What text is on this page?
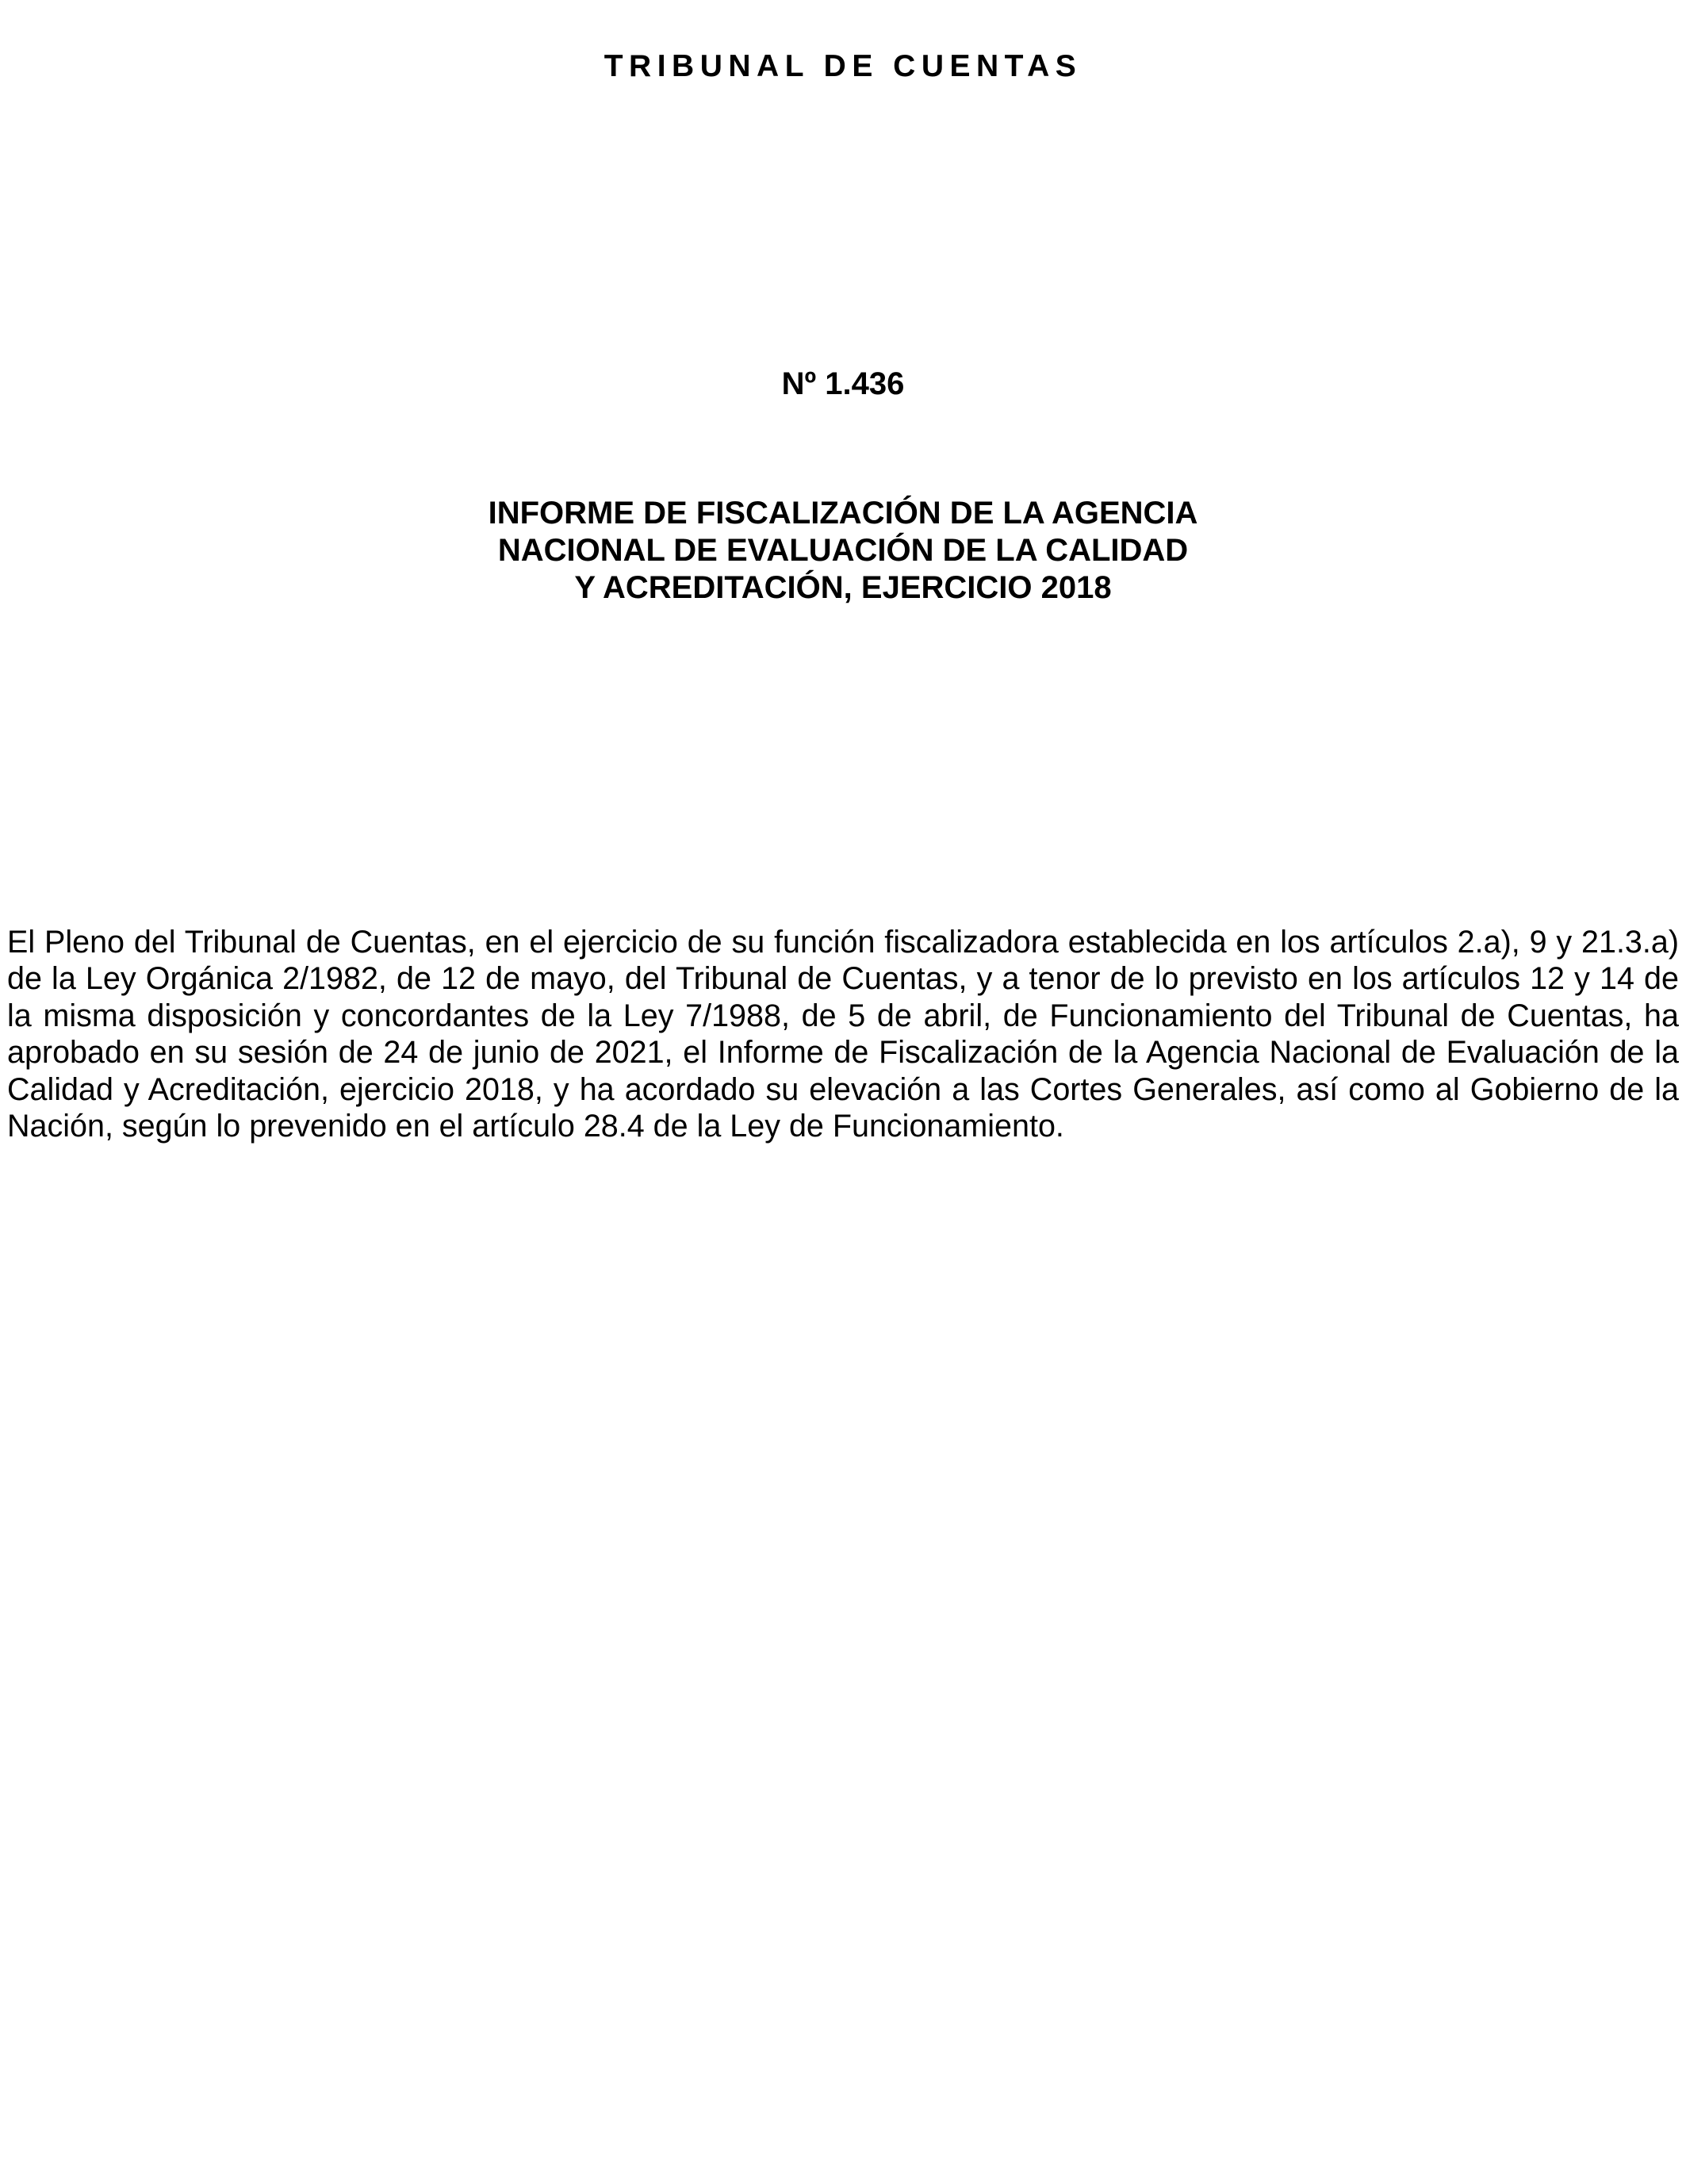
TRIBUNAL DE CUENTAS
Nº 1.436
INFORME DE FISCALIZACIÓN DE LA AGENCIA
NACIONAL DE EVALUACIÓN DE LA CALIDAD
Y ACREDITACIÓN, EJERCICIO 2018

El Pleno del Tribunal de Cuentas, en el ejercicio de su función fiscalizadora establecida en los artículos 2.a), 9 y 21.3.a) de la Ley Orgánica 2/1982, de 12 de mayo, del Tribunal de Cuentas, y a tenor de lo previsto en los artículos 12 y 14 de la misma disposición y concordantes de la Ley 7/1988, de 5 de abril, de Funcionamiento del Tribunal de Cuentas, ha aprobado en su sesión de 24 de junio de 2021, el Informe de Fiscalización de la Agencia Nacional de Evaluación de la Calidad y Acreditación, ejercicio 2018, y ha acordado su elevación a las Cortes Generales, así como al Gobierno de la Nación, según lo prevenido en el artículo 28.4 de la Ley de Funcionamiento.
